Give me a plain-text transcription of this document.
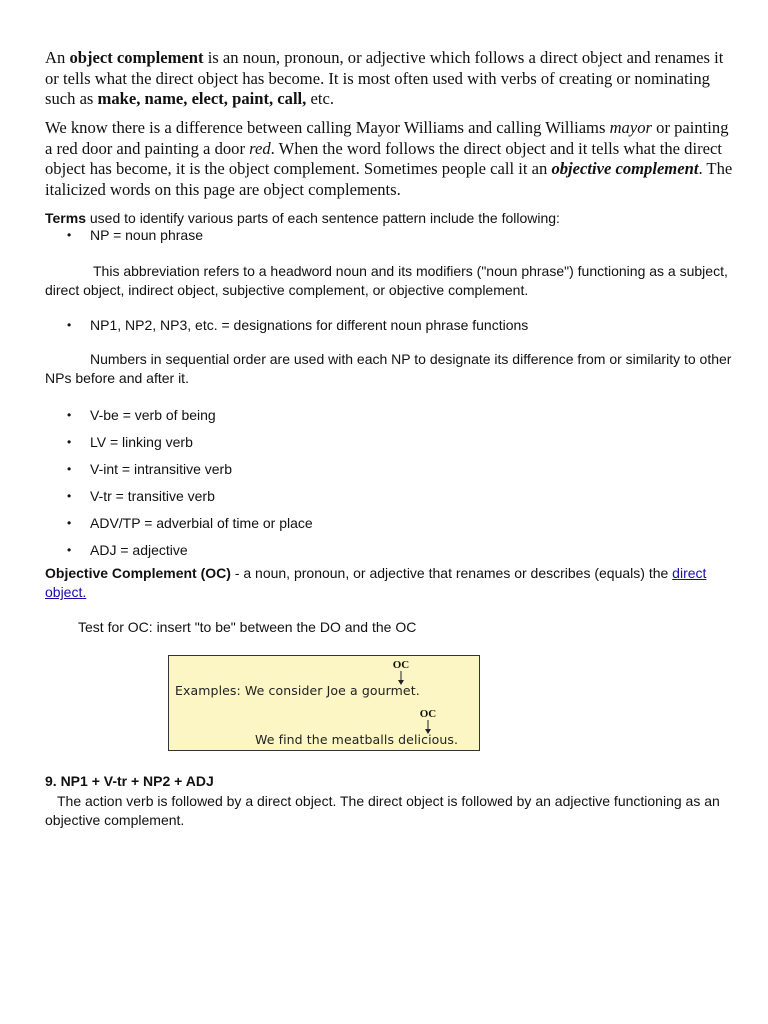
An object complement is an noun, pronoun, or adjective which follows a direct object and renames it or tells what the direct object has become. It is most often used with verbs of creating or nominating such as make, name, elect, paint, call, etc.

We know there is a difference between calling Mayor Williams and calling Williams mayor or painting a red door and painting a door red. When the word follows the direct object and it tells what the direct object has become, it is the object complement. Sometimes people call it an objective complement. The italicized words on this page are object complements.

Terms used to identify various parts of each sentence pattern include the following:

• NP = noun phrase

This abbreviation refers to a headword noun and its modifiers ("noun phrase") functioning as a subject, direct object, indirect object, subjective complement, or objective complement.

• NP1, NP2, NP3, etc. = designations for different noun phrase functions

Numbers in sequential order are used with each NP to designate its difference from or similarity to other NPs before and after it.

• V-be = verb of being
• LV = linking verb
• V-int = intransitive verb
• V-tr = transitive verb
• ADV/TP = adverbial of time or place
• ADJ = adjective

Objective Complement (OC) - a noun, pronoun, or adjective that renames or describes (equals) the direct object.

Test for OC: insert "to be" between the DO and the OC

OC
Examples: We consider Joe a gourmet.
OC
We find the meatballs delicious.

9. NP1 + V-tr + NP2 + ADJ

The action verb is followed by a direct object. The direct object is followed by an adjective functioning as an objective complement.
